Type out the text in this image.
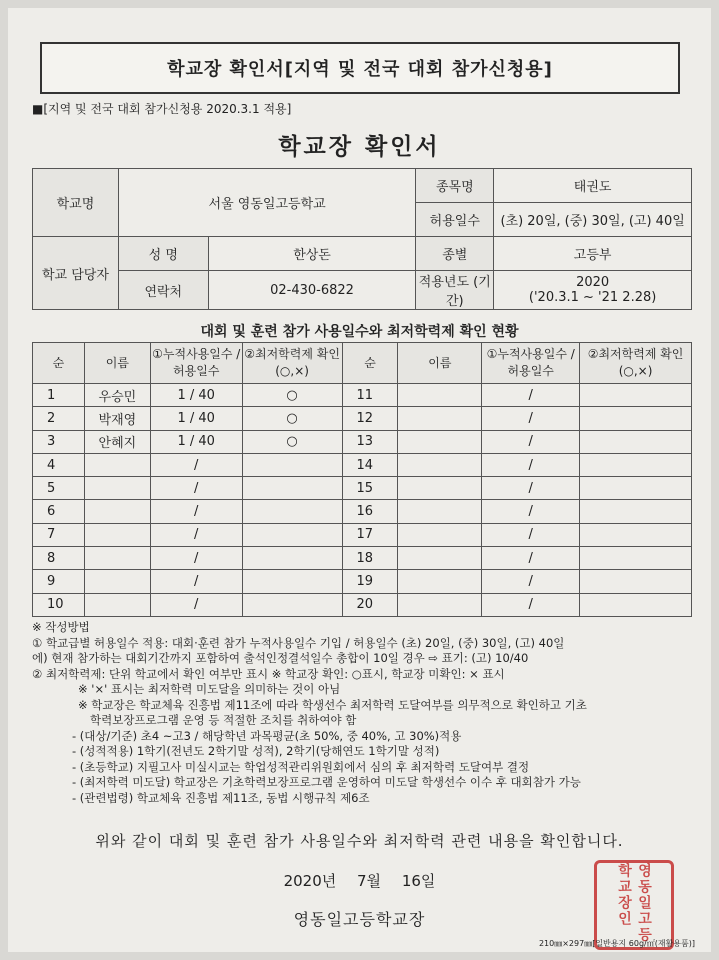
학교장 확인서[지역 및 전국 대회 참가신청용]
■[지역 및 전국 대회 참가신청용 2020.3.1 적용]
학교장 확인서
학교명	서울 영동일고등학교		종목명	태권도
			허용일수	(초) 20일, (중) 30일, (고) 40일
학교 담당자	성 명	한상돈	종별	고등부
	연락처	02-430-6822	적용년도 (기간)	2020
('20.3.1 ~ '21 2.28)
대회 및 훈련 참가 사용일수와 최저학력제 확인 현황
순	이름	①누적사용일수 /허용일수	②최저학력제 확인(○,×)	순	이름	①누적사용일수 /허용일수	②최저학력제 확인(○,×)
1	우승민	1 / 40	○	11		/	
2	박재영	1 / 40	○	12		/	
3	안혜지	1 / 40	○	13		/	
4		/		14		/	
5		/		15		/	
6		/		16		/	
7		/		17		/	
8		/		18		/	
9		/		19		/	
10		/		20		/	
※ 작성방법
① 학교급별 허용일수 적용: 대회·훈련 참가 누적사용일수 기입 / 허용일수 (초) 20일, (중) 30일, (고) 40일
에) 현재 참가하는 대회기간까지 포함하여 출석인정결석일수 총합이 10일 경우 ⇨ 표기: (고) 10/40
② 최저학력제: 단위 학교에서 확인 여부만 표시 ※ 학교장 확인: ○표시, 학교장 미확인: × 표시
※ '×' 표시는 최저학력 미도달을 의미하는 것이 아님
※ 학교장은 학교체육 진흥법 제11조에 따라 학생선수 최저학력 도달여부를 의무적으로 확인하고 기초
학력보장프로그램 운영 등 적절한 조치를 취하여야 함
- (대상/기준) 초4 ~고3 / 해당학년 과목평균(초 50%, 중 40%, 고 30%)적용
- (성적적용) 1학기(전년도 2학기말 성적), 2학기(당해연도 1학기말 성적)
- (초등학교) 지필고사 미실시교는 학업성적관리위원회에서 심의 후 최저학력 도달여부 결정
- (최저학력 미도달) 학교장은 기초학력보장프로그램 운영하여 미도달 학생선수 이수 후 대회참가 가능
- (관련법령) 학교체육 진흥법 제11조, 동법 시행규칙 제6조
위와 같이 대회 및 훈련 참가 사용일수와 최저학력 관련 내용을 확인합니다.
2020년 7월 16일
영동일고등학교장	영동일고등학교장인
210㎜×297㎜[일반용지 60g/㎡(재활용품)]
